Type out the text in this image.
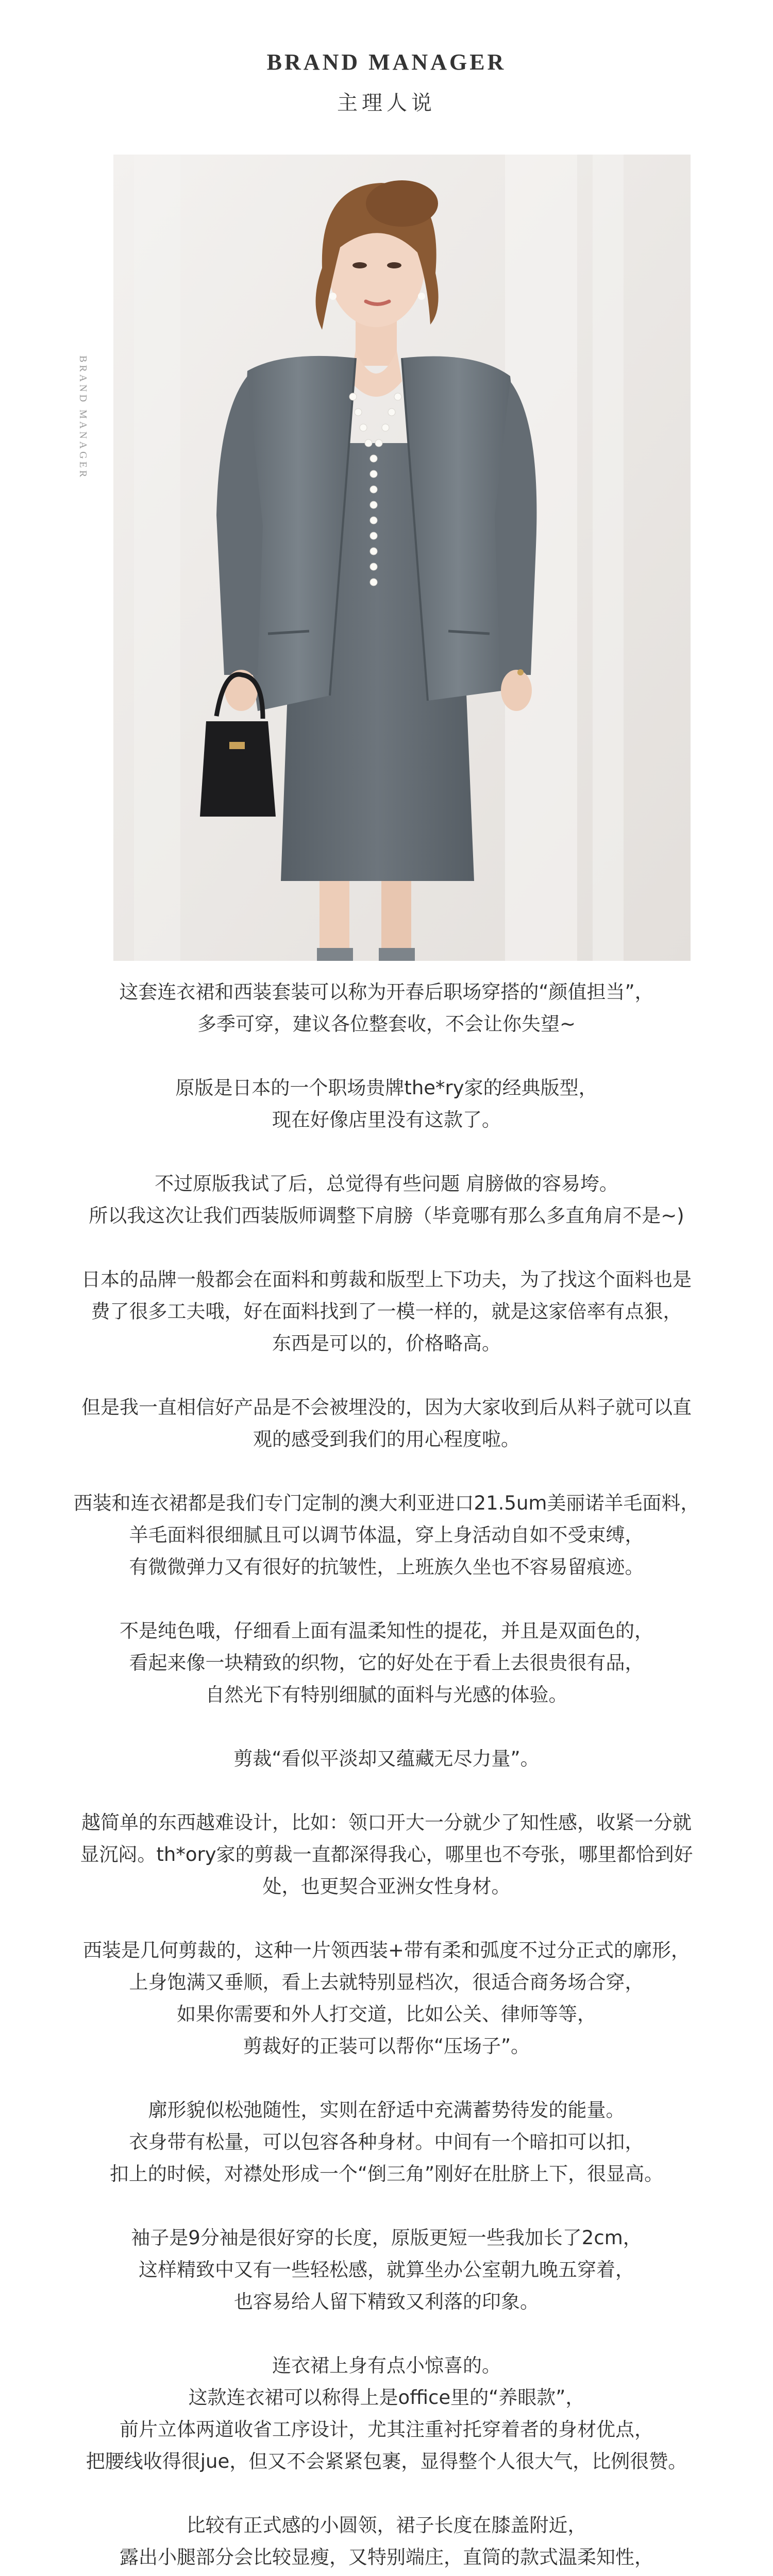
BRAND MANAGER
主理人说
BRAND MANAGER

这套连衣裙和西装套装可以称为开春后职场穿搭的“颜值担当”，
多季可穿，建议各位整套收，不会让你失望~

原版是日本的一个职场贵牌the*ry家的经典版型，
现在好像店里没有这款了。

不过原版我试了后，总觉得有些问题 肩膀做的容易垮。
所以我这次让我们西装版师调整下肩膀（毕竟哪有那么多直角肩不是~)

日本的品牌一般都会在面料和剪裁和版型上下功夫，为了找这个面料也是
费了很多工夫哦，好在面料找到了一模一样的，就是这家倍率有点狠，
东西是可以的，价格略高。

但是我一直相信好产品是不会被埋没的，因为大家收到后从料子就可以直
观的感受到我们的用心程度啦。

西装和连衣裙都是我们专门定制的澳大利亚进口21.5um美丽诺羊毛面料，
羊毛面料很细腻且可以调节体温，穿上身活动自如不受束缚，
有微微弹力又有很好的抗皱性，上班族久坐也不容易留痕迹。

不是纯色哦，仔细看上面有温柔知性的提花，并且是双面色的，
看起来像一块精致的织物，它的好处在于看上去很贵很有品，
自然光下有特别细腻的面料与光感的体验。

剪裁“看似平淡却又蕴藏无尽力量”。

越简单的东西越难设计，比如：领口开大一分就少了知性感，收紧一分就
显沉闷。th*ory家的剪裁一直都深得我心，哪里也不夸张，哪里都恰到好
处，也更契合亚洲女性身材。

西装是几何剪裁的，这种一片领西装+带有柔和弧度不过分正式的廓形，
上身饱满又垂顺，看上去就特别显档次，很适合商务场合穿，
如果你需要和外人打交道，比如公关、律师等等，
剪裁好的正装可以帮你“压场子”。

廓形貌似松弛随性，实则在舒适中充满蓄势待发的能量。
衣身带有松量，可以包容各种身材。中间有一个暗扣可以扣，
扣上的时候，对襟处形成一个“倒三角”刚好在肚脐上下，很显高。

袖子是9分袖是很好穿的长度，原版更短一些我加长了2cm，
这样精致中又有一些轻松感，就算坐办公室朝九晚五穿着，
也容易给人留下精致又利落的印象。

连衣裙上身有点小惊喜的。
这款连衣裙可以称得上是office里的“养眼款”，
前片立体两道收省工序设计，尤其注重衬托穿着者的身材优点，
把腰线收得很jue，但又不会紧紧包裹，显得整个人很大气，比例很赞。

比较有正式感的小圆领，裙子长度在膝盖附近，
露出小腿部分会比较显瘦，又特别端庄，直筒的款式温柔知性，
